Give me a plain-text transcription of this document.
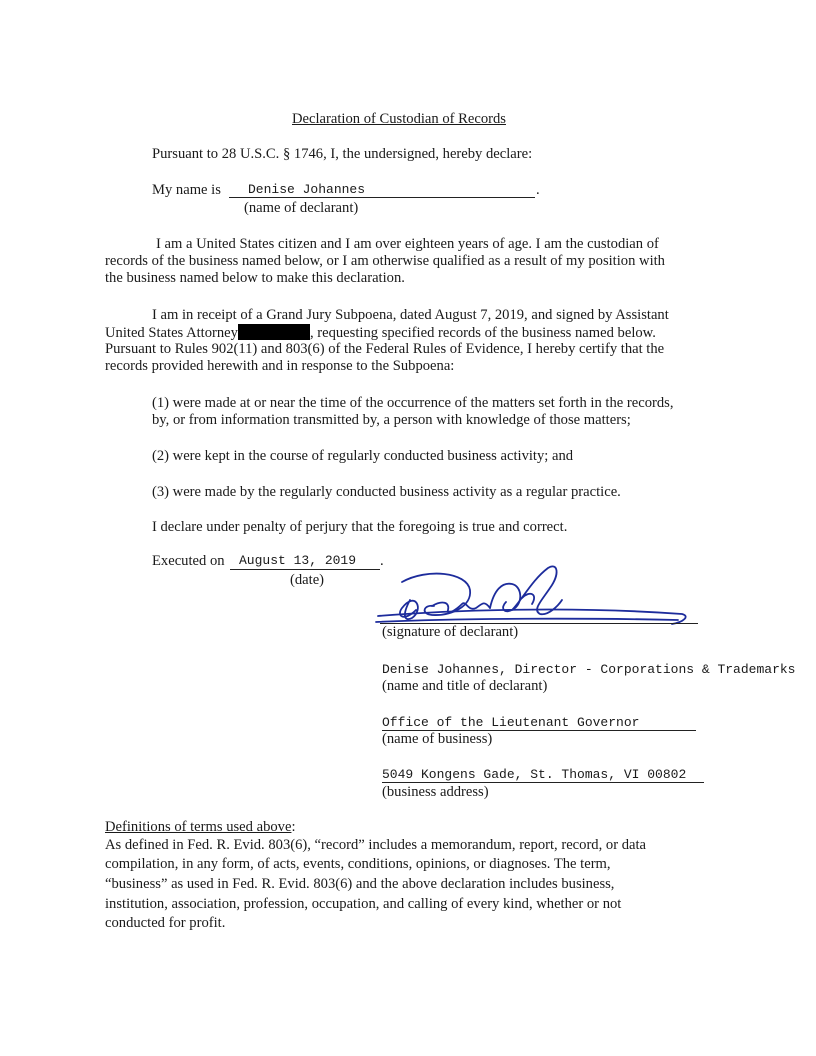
Declaration of Custodian of Records
Pursuant to 28 U.S.C. § 1746, I, the undersigned, hereby declare:
My name is Denise Johannes	.
(name of declarant)
I am a United States citizen and I am over eighteen years of age. I am the custodian of
records of the business named below, or I am otherwise qualified as a result of my position with
the business named below to make this declaration.
I am in receipt of a Grand Jury Subpoena, dated August 7, 2019, and signed by Assistant
United States Attorney	, requesting specified records of the business named below.
Pursuant to Rules 902(11) and 803(6) of the Federal Rules of Evidence, I hereby certify that the
records provided herewith and in response to the Subpoena:
(1) were made at or near the time of the occurrence of the matters set forth in the records,
by, or from information transmitted by, a person with knowledge of those matters;
(2) were kept in the course of regularly conducted business activity; and
(3) were made by the regularly conducted business activity as a regular practice.
I declare under penalty of perjury that the foregoing is true and correct.
Executed on August 13, 2019 .
(date)
(signature of declarant)
Denise Johannes, Director - Corporations & Trademarks
(name and title of declarant)
Office of the Lieutenant Governor
(name of business)
5049 Kongens Gade, St. Thomas, VI 00802
(business address)
Definitions of terms used above:
As defined in Fed. R. Evid. 803(6), “record” includes a memorandum, report, record, or data
compilation, in any form, of acts, events, conditions, opinions, or diagnoses. The term,
“business” as used in Fed. R. Evid. 803(6) and the above declaration includes business,
institution, association, profession, occupation, and calling of every kind, whether or not
conducted for profit.
